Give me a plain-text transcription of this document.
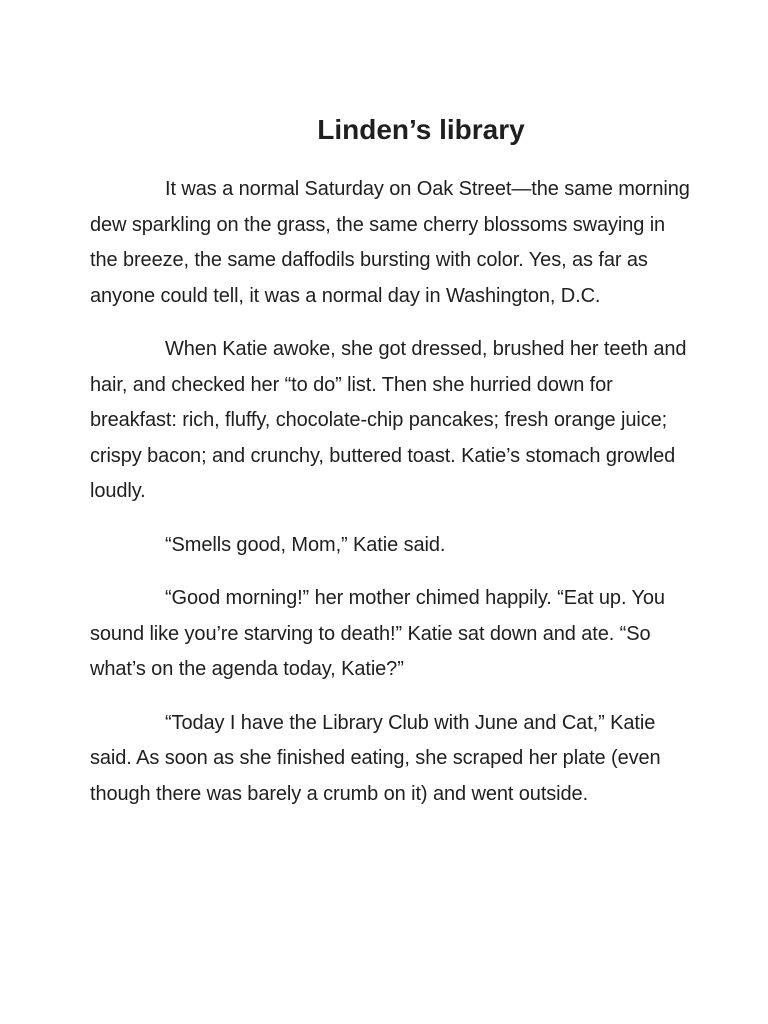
Linden’s library

It was a normal Saturday on Oak Street—the same morning dew sparkling on the grass, the same cherry blossoms swaying in the breeze, the same daffodils bursting with color. Yes, as far as anyone could tell, it was a normal day in Washington, D.C.

When Katie awoke, she got dressed, brushed her teeth and hair, and checked her “to do” list. Then she hurried down for breakfast: rich, fluffy, chocolate-chip pancakes; fresh orange juice; crispy bacon; and crunchy, buttered toast. Katie’s stomach growled loudly.

“Smells good, Mom,” Katie said.

“Good morning!” her mother chimed happily. “Eat up. You sound like you’re starving to death!” Katie sat down and ate. “So what’s on the agenda today, Katie?”

“Today I have the Library Club with June and Cat,” Katie said. As soon as she finished eating, she scraped her plate (even though there was barely a crumb on it) and went outside.
